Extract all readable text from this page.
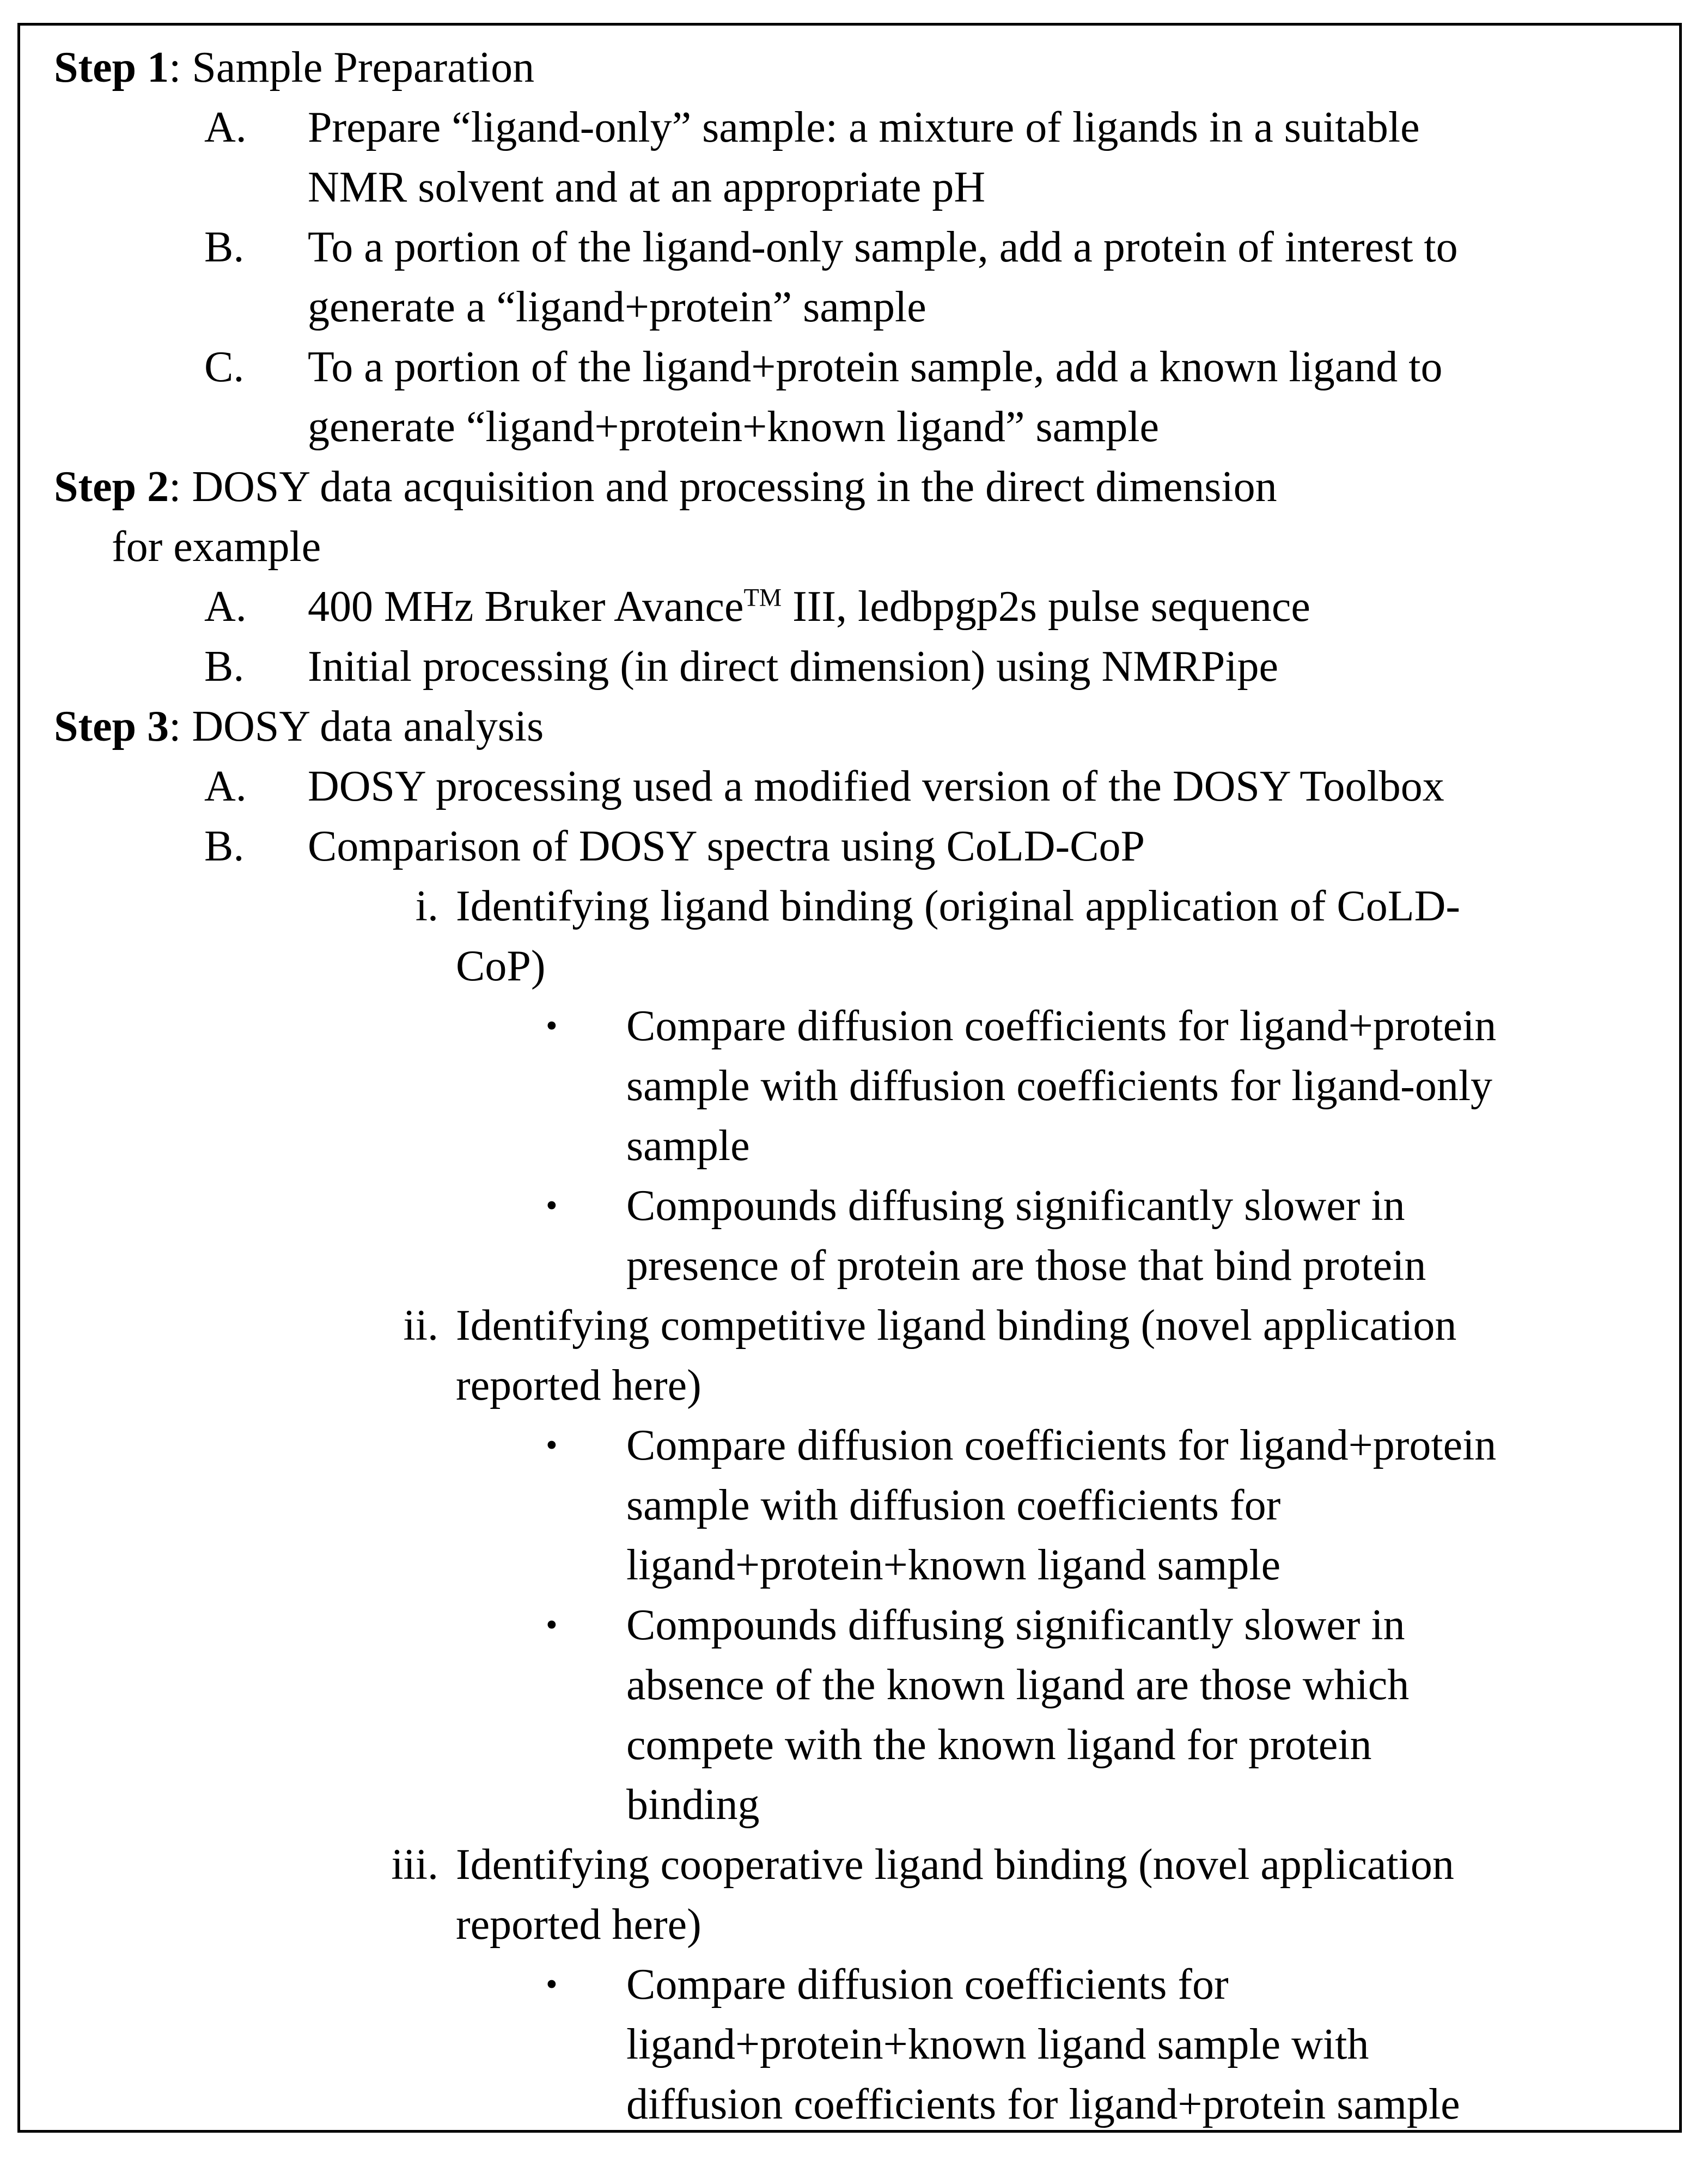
Step 1: Sample Preparation
A. Prepare “ligand-only” sample: a mixture of ligands in a suitable
NMR solvent and at an appropriate pH
B. To a portion of the ligand-only sample, add a protein of interest to
generate a “ligand+protein” sample
C. To a portion of the ligand+protein sample, add a known ligand to
generate “ligand+protein+known ligand” sample
Step 2: DOSY data acquisition and processing in the direct dimension
for example
A. 400 MHz Bruker Avance™ III, ledbpgp2s pulse sequence
B. Initial processing (in direct dimension) using NMRPipe
Step 3: DOSY data analysis
A. DOSY processing used a modified version of the DOSY Toolbox
B. Comparison of DOSY spectra using CoLD-CoP
i. Identifying ligand binding (original application of CoLD-
CoP)
• Compare diffusion coefficients for ligand+protein
sample with diffusion coefficients for ligand-only
sample
• Compounds diffusing significantly slower in
presence of protein are those that bind protein
ii. Identifying competitive ligand binding (novel application
reported here)
• Compare diffusion coefficients for ligand+protein
sample with diffusion coefficients for
ligand+protein+known ligand sample
• Compounds diffusing significantly slower in
absence of the known ligand are those which
compete with the known ligand for protein
binding
iii. Identifying cooperative ligand binding (novel application
reported here)
• Compare diffusion coefficients for
ligand+protein+known ligand sample with
diffusion coefficients for ligand+protein sample
